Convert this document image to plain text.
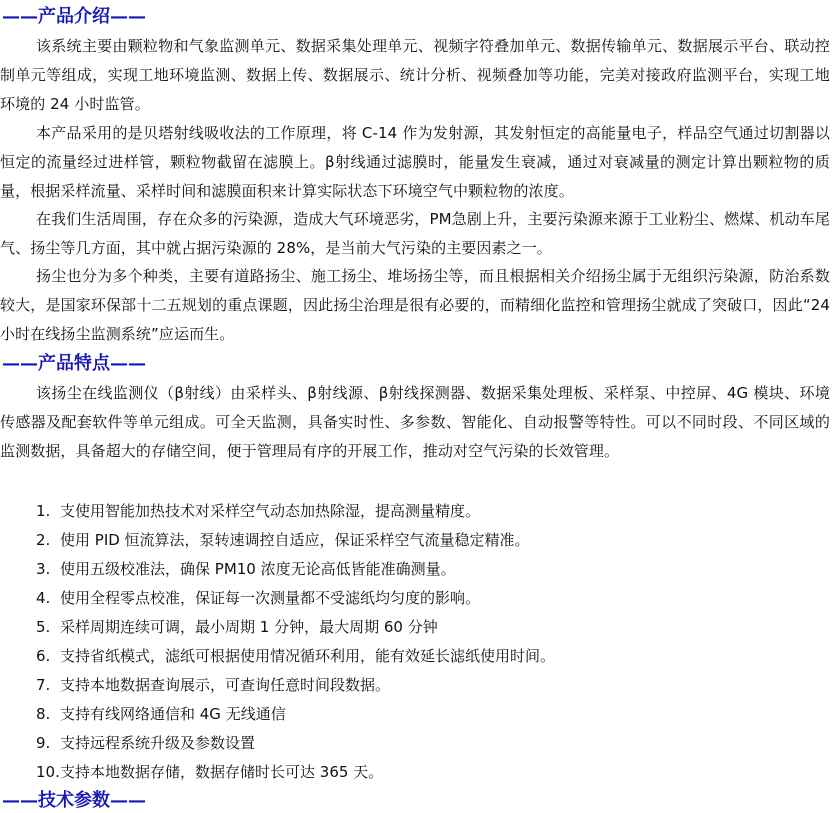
——产品介绍——

该系统主要由颗粒物和气象监测单元、数据采集处理单元、视频字符叠加单元、数据传输单元、数据展示平台、联动控制单元等组成，实现工地环境监测、数据上传、数据展示、统计分析、视频叠加等功能，完美对接政府监测平台，实现工地环境的 24 小时监管。

本产品采用的是贝塔射线吸收法的工作原理，将 C-14 作为发射源，其发射恒定的高能量电子，样品空气通过切割器以恒定的流量经过进样管，颗粒物截留在滤膜上。β射线通过滤膜时，能量发生衰减，通过对衰减量的测定计算出颗粒物的质量，根据采样流量、采样时间和滤膜面积来计算实际状态下环境空气中颗粒物的浓度。

在我们生活周围，存在众多的污染源，造成大气环境恶劣，PM急剧上升，主要污染源来源于工业粉尘、燃煤、机动车尾气、扬尘等几方面，其中就占据污染源的 28%，是当前大气污染的主要因素之一。

扬尘也分为多个种类，主要有道路扬尘、施工扬尘、堆场扬尘等，而且根据相关介绍扬尘属于无组织污染源，防治系数较大，是国家环保部十二五规划的重点课题，因此扬尘治理是很有必要的，而精细化监控和管理扬尘就成了突破口，因此“24 小时在线扬尘监测系统”应运而生。

——产品特点——

该扬尘在线监测仪（β射线）由采样头、β射线源、β射线探测器、数据采集处理板、采样泵、中控屏、4G 模块、环境传感器及配套软件等单元组成。可全天监测，具备实时性、多参数、智能化、自动报警等特性。可以不同时段、不同区域的监测数据，具备超大的存储空间，便于管理局有序的开展工作，推动对空气污染的长效管理。

1. 支使用智能加热技术对采样空气动态加热除湿，提高测量精度。
2. 使用 PID 恒流算法，泵转速调控自适应，保证采样空气流量稳定精准。
3. 使用五级校准法，确保 PM10 浓度无论高低皆能准确测量。
4. 使用全程零点校准，保证每一次测量都不受滤纸均匀度的影响。
5. 采样周期连续可调，最小周期 1 分钟，最大周期 60 分钟
6. 支持省纸模式，滤纸可根据使用情况循环利用，能有效延长滤纸使用时间。
7. 支持本地数据查询展示，可查询任意时间段数据。
8. 支持有线网络通信和 4G 无线通信
9. 支持远程系统升级及参数设置
10.支持本地数据存储，数据存储时长可达 365 天。
——技术参数——
